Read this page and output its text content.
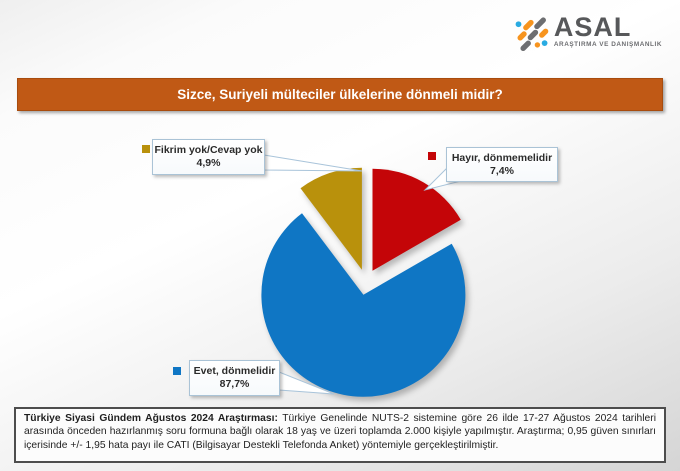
ASAL
ARAŞTIRMA VE DANIŞMANLIK
Sizce, Suriyeli mülteciler ülkelerine dönmeli midir?
Fikrim yok/Cevap yok
4,9%	Hayır, dönmemelidir
7,4%
Evet, dönmelidir
87,7%
Türkiye Siyasi Gündem Ağustos 2024 Araştırması: Türkiye Genelinde NUTS-2 sistemine göre 26 ilde 17-27 Ağustos 2024 tarihleri arasında önceden hazırlanmış soru formuna bağlı olarak 18 yaş ve üzeri toplamda 2.000 kişiyle yapılmıştır. Araştırma; 0,95 güven sınırları içerisinde +/- 1,95 hata payı ile CATI (Bilgisayar Destekli Telefonda Anket) yöntemiyle gerçekleştirilmiştir.
